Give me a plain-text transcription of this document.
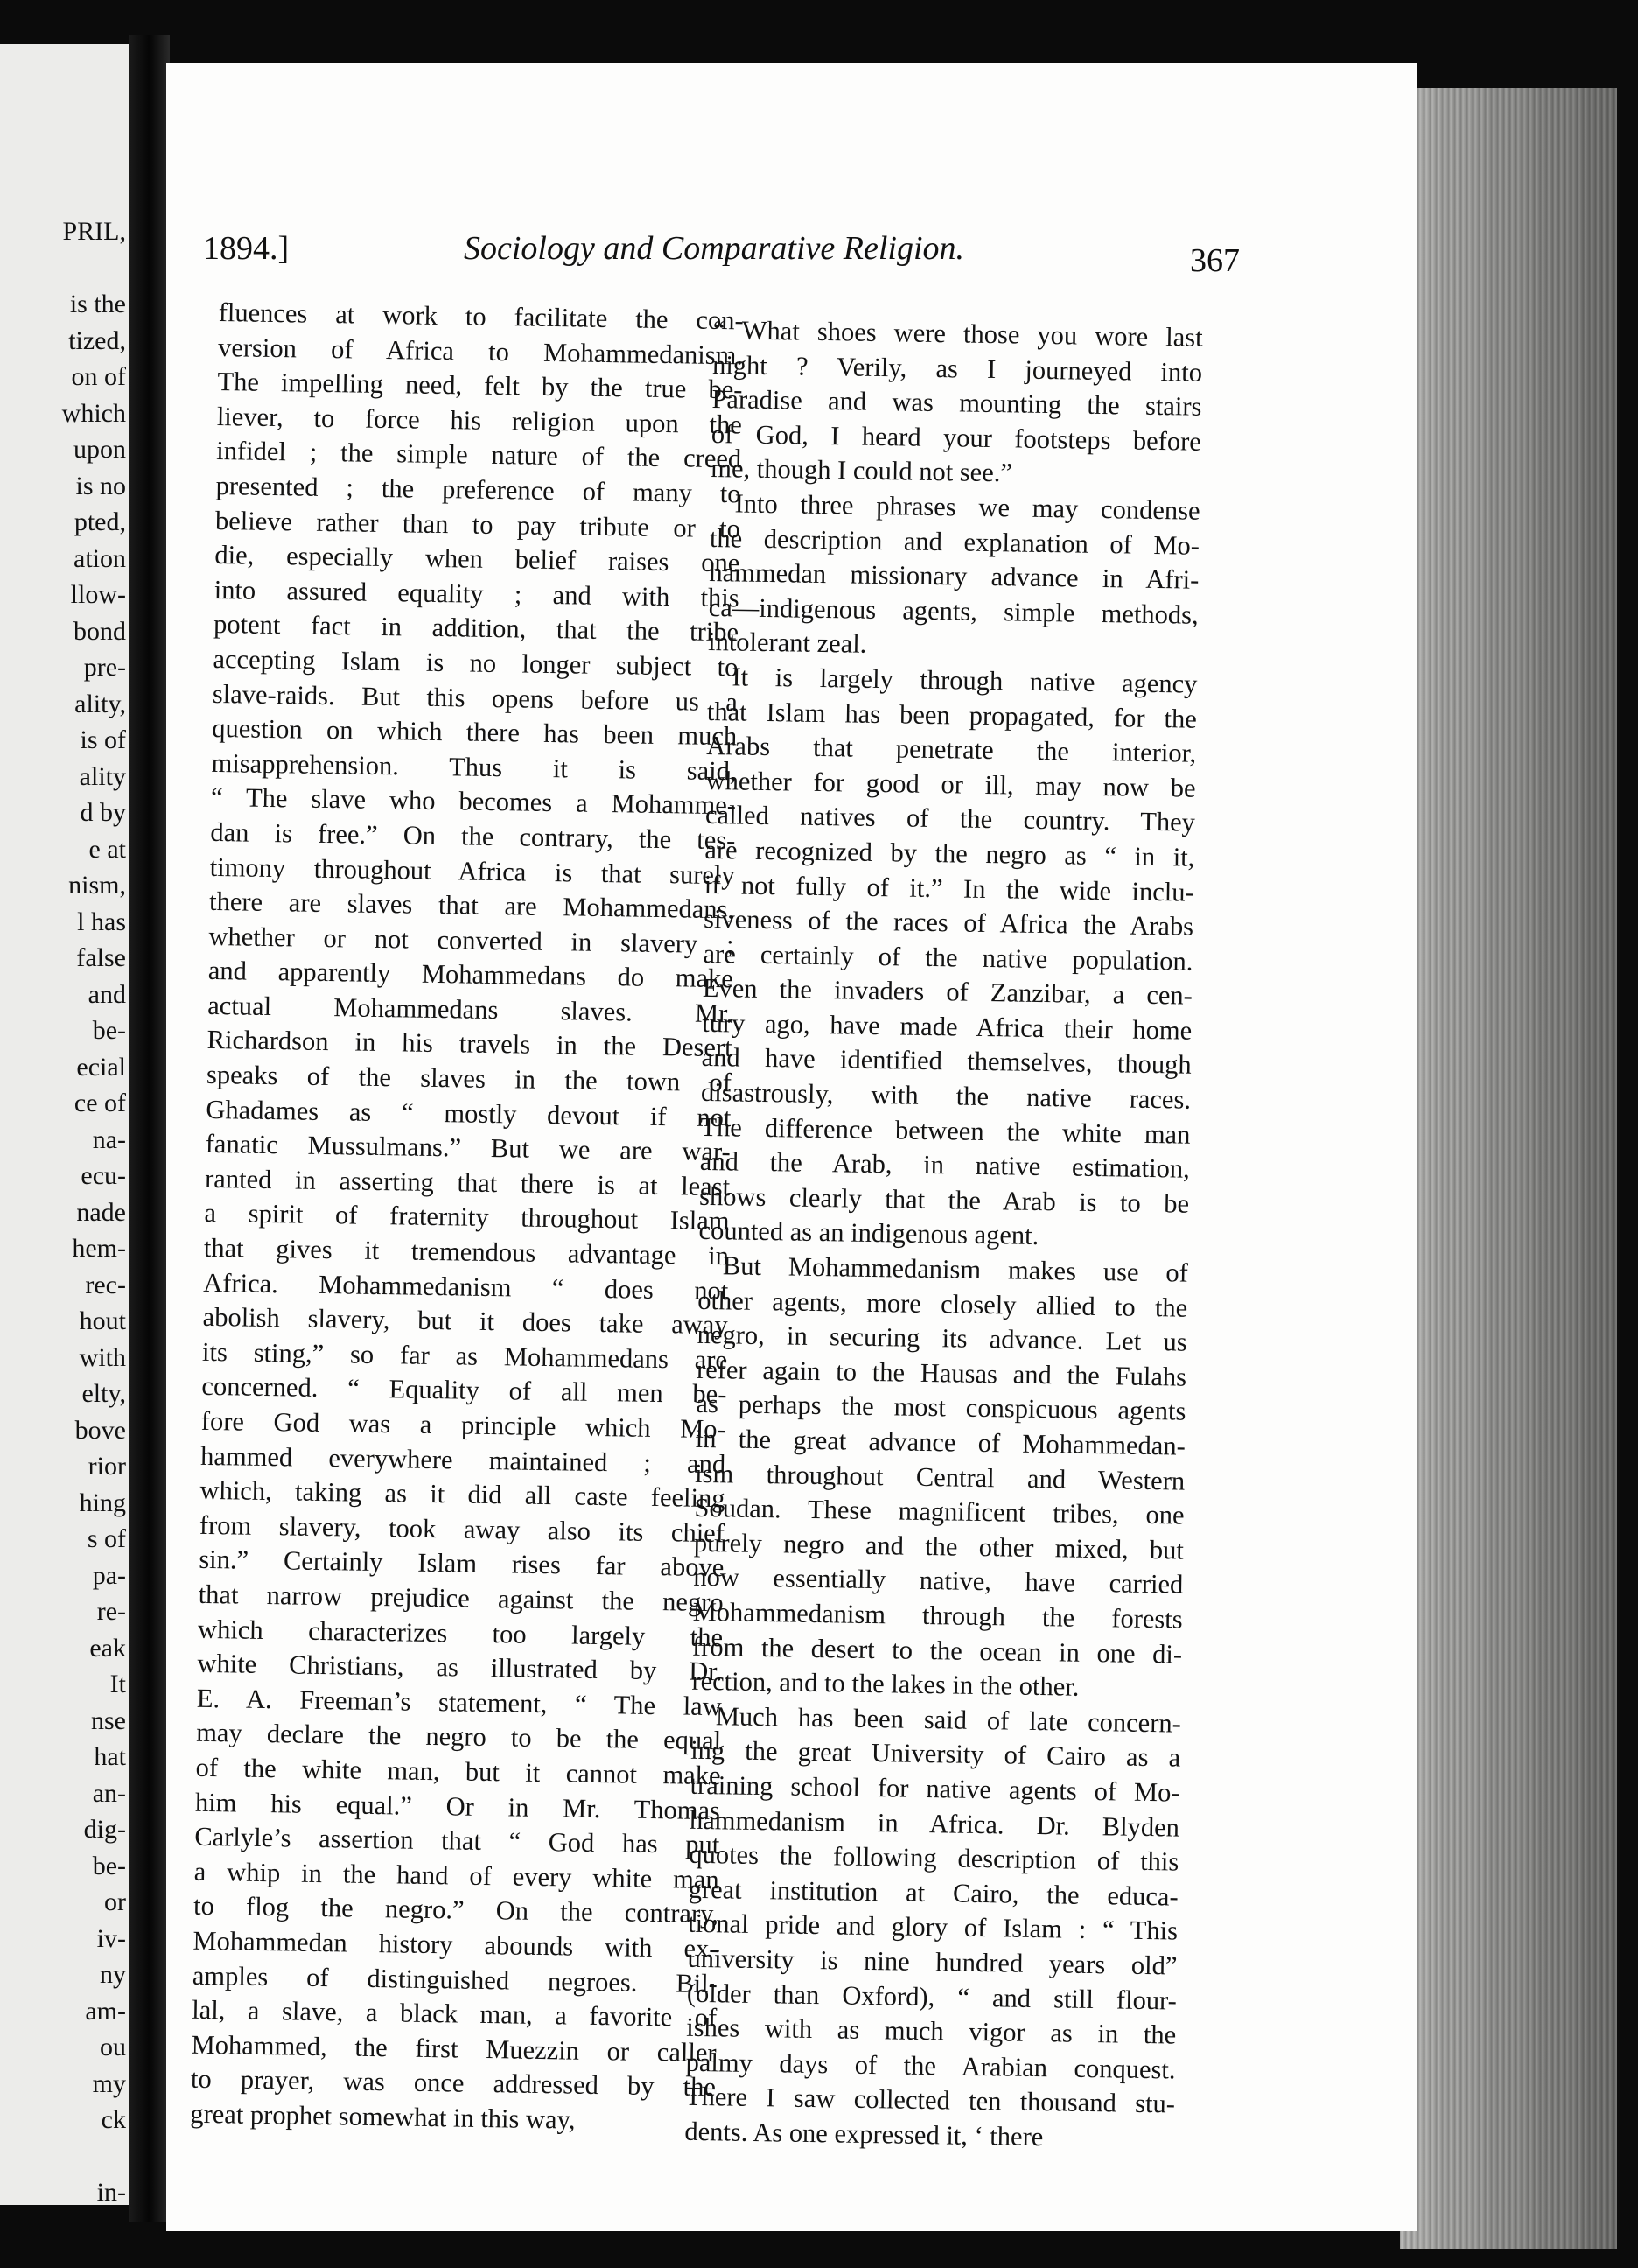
PRIL,
is the
tized,
on of
which
upon
is no
pted,
ation
llow-
bond
pre-
ality,
is of
ality
d by
e at
nism,
l has
false
and
be-
ecial
ce of
na-
ecu-
nade
hem-
rec-
hout
with
elty,
bove
rior
hing
s of
pa-
re-
eak
It
nse
hat
an-
dig-
be-
or
iv-
ny
am-
ou
my
ck
in-
1894.]	Sociology and Comparative Religion.	367
fluences at work to facilitate the con-
version of Africa to Mohammedanism.
The impelling need, felt by the true be-
liever, to force his religion upon the
infidel ; the simple nature of the creed
presented ; the preference of many to
believe rather than to pay tribute or to
die, especially when belief raises one
into assured equality ; and with this
potent fact in addition, that the tribe
accepting Islam is no longer subject to
slave-raids. But this opens before us a
question on which there has been much
misapprehension. Thus it is said,
“ The slave who becomes a Mohamme-
dan is free.” On the contrary, the tes-
timony throughout Africa is that surely
there are slaves that are Mohammedans,
whether or not converted in slavery ;
and apparently Mohammedans do make
actual Mohammedans slaves. Mr.
Richardson in his travels in the Desert
speaks of the slaves in the town of
Ghadames as “ mostly devout if not
fanatic Mussulmans.” But we are war-
ranted in asserting that there is at least
a spirit of fraternity throughout Islam
that gives it tremendous advantage in
Africa. Mohammedanism “ does not
abolish slavery, but it does take away
its sting,” so far as Mohammedans are
concerned. “ Equality of all men be-
fore God was a principle which Mo-
hammed everywhere maintained ; and
which, taking as it did all caste feeling
from slavery, took away also its chief
sin.” Certainly Islam rises far above
that narrow prejudice against the negro
which characterizes too largely the
white Christians, as illustrated by Dr.
E. A. Freeman’s statement, “ The law
may declare the negro to be the equal
of the white man, but it cannot make
him his equal.” Or in Mr. Thomas
Carlyle’s assertion that “ God has put
a whip in the hand of every white man
to flog the negro.” On the contrary,
Mohammedan history abounds with ex-
amples of distinguished negroes. Bil-
lal, a slave, a black man, a favorite of
Mohammed, the first Muezzin or caller
to prayer, was once addressed by the
great prophet somewhat in this way,
“ What shoes were those you wore last
night ? Verily, as I journeyed into
Paradise and was mounting the stairs
of God, I heard your footsteps before
me, though I could not see.”
Into three phrases we may condense
the description and explanation of Mo-
hammedan missionary advance in Afri-
ca—indigenous agents, simple methods,
intolerant zeal.
It is largely through native agency
that Islam has been propagated, for the
Arabs that penetrate the interior,
whether for good or ill, may now be
called natives of the country. They
are recognized by the negro as “ in it,
if not fully of it.” In the wide inclu-
siveness of the races of Africa the Arabs
are certainly of the native population.
Even the invaders of Zanzibar, a cen-
tury ago, have made Africa their home
and have identified themselves, though
disastrously, with the native races.
The difference between the white man
and the Arab, in native estimation,
shows clearly that the Arab is to be
counted as an indigenous agent.
But Mohammedanism makes use of
other agents, more closely allied to the
negro, in securing its advance. Let us
refer again to the Hausas and the Fulahs
as perhaps the most conspicuous agents
in the great advance of Mohammedan-
ism throughout Central and Western
Soudan. These magnificent tribes, one
purely negro and the other mixed, but
now essentially native, have carried
Mohammedanism through the forests
from the desert to the ocean in one di-
rection, and to the lakes in the other.
Much has been said of late concern-
ing the great University of Cairo as a
training school for native agents of Mo-
hammedanism in Africa. Dr. Blyden
quotes the following description of this
great institution at Cairo, the educa-
tional pride and glory of Islam : “ This
university is nine hundred years old”
(older than Oxford), “ and still flour-
ishes with as much vigor as in the
palmy days of the Arabian conquest.
There I saw collected ten thousand stu-
dents. As one expressed it, ‘ there
